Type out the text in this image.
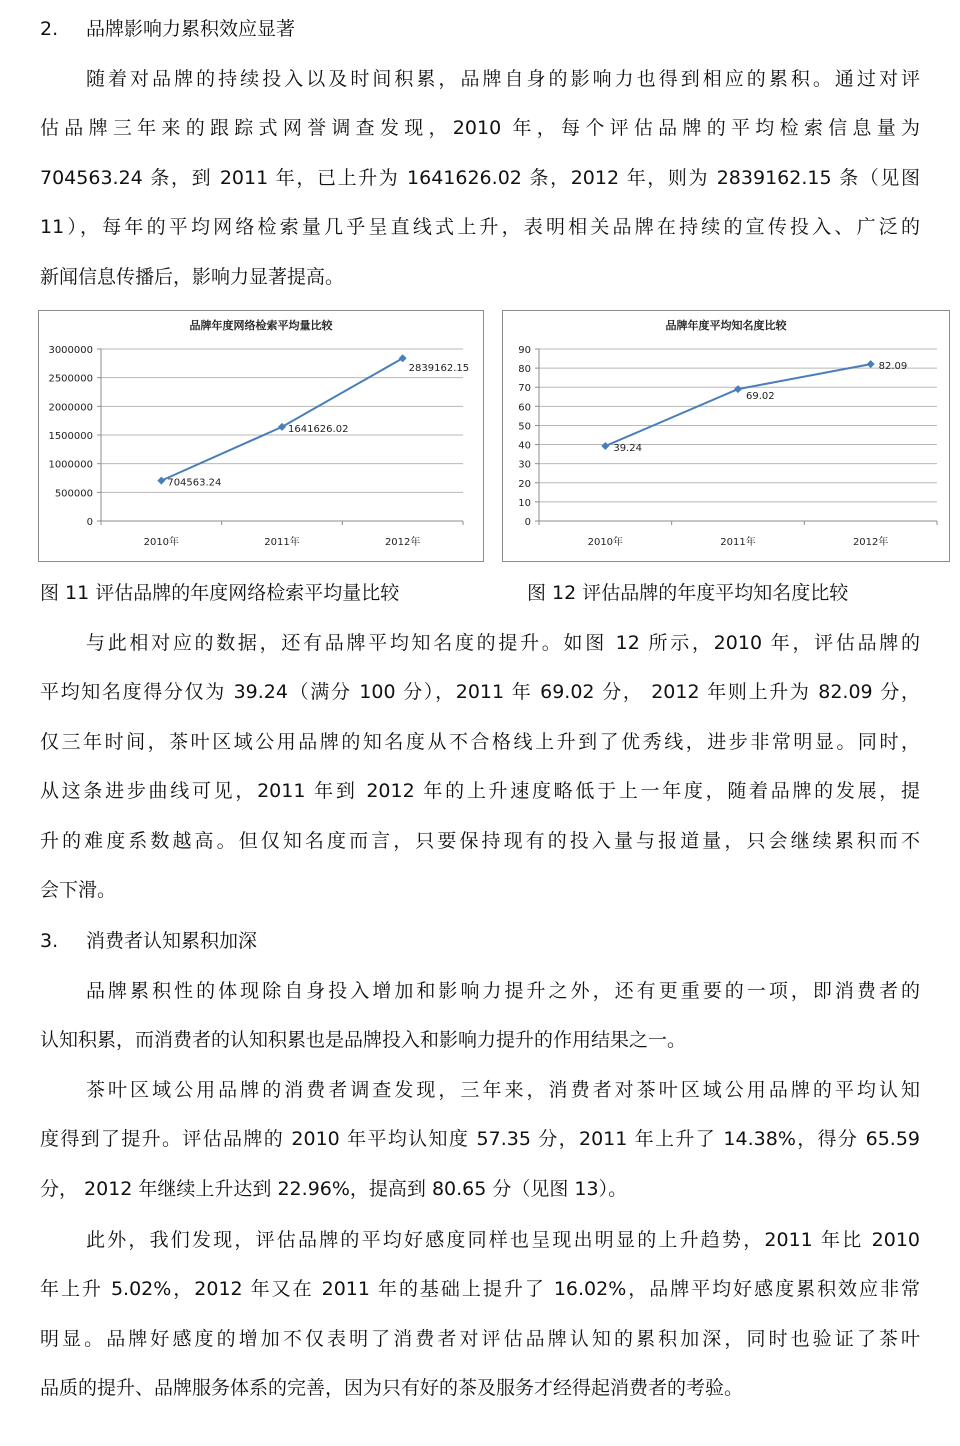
2. 品牌影响力累积效应显著
随着对品牌的持续投入以及时间积累，品牌自身的影响力也得到相应的累积。通过对评
估品牌三年来的跟踪式网誉调查发现，2010 年，每个评估品牌的平均检索信息量为
704563.24 条，到 2011 年，已上升为 1641626.02 条，2012 年，则为 2839162.15 条（见图
11），每年的平均网络检索量几乎呈直线式上升，表明相关品牌在持续的宣传投入、广泛的
新闻信息传播后，影响力显著提高。
品牌年度网络检索平均量比较
0
500000
1000000
1500000
2000000
2500000
3000000
2010年	2011年	2012年
704563.24
1641626.02
2839162.15
品牌年度平均知名度比较
0
10
20
30
40
50
60
70
80
90
2010年	2011年	2012年
39.24
69.02
82.09
图 11 评估品牌的年度网络检索平均量比较	图 12 评估品牌的年度平均知名度比较
与此相对应的数据，还有品牌平均知名度的提升。如图 12 所示，2010 年，评估品牌的
平均知名度得分仅为 39.24（满分 100 分），2011 年 69.02 分， 2012 年则上升为 82.09 分，
仅三年时间，茶叶区域公用品牌的知名度从不合格线上升到了优秀线，进步非常明显。同时，
从这条进步曲线可见，2011 年到 2012 年的上升速度略低于上一年度，随着品牌的发展，提
升的难度系数越高。但仅知名度而言，只要保持现有的投入量与报道量，只会继续累积而不
会下滑。
3. 消费者认知累积加深
品牌累积性的体现除自身投入增加和影响力提升之外，还有更重要的一项，即消费者的
认知积累，而消费者的认知积累也是品牌投入和影响力提升的作用结果之一。
茶叶区域公用品牌的消费者调查发现，三年来，消费者对茶叶区域公用品牌的平均认知
度得到了提升。评估品牌的 2010 年平均认知度 57.35 分，2011 年上升了 14.38%，得分 65.59
分， 2012 年继续上升达到 22.96%，提高到 80.65 分（见图 13）。
此外，我们发现，评估品牌的平均好感度同样也呈现出明显的上升趋势，2011 年比 2010
年上升 5.02%，2012 年又在 2011 年的基础上提升了 16.02%，品牌平均好感度累积效应非常
明显。品牌好感度的增加不仅表明了消费者对评估品牌认知的累积加深，同时也验证了茶叶
品质的提升、品牌服务体系的完善，因为只有好的茶及服务才经得起消费者的考验。
